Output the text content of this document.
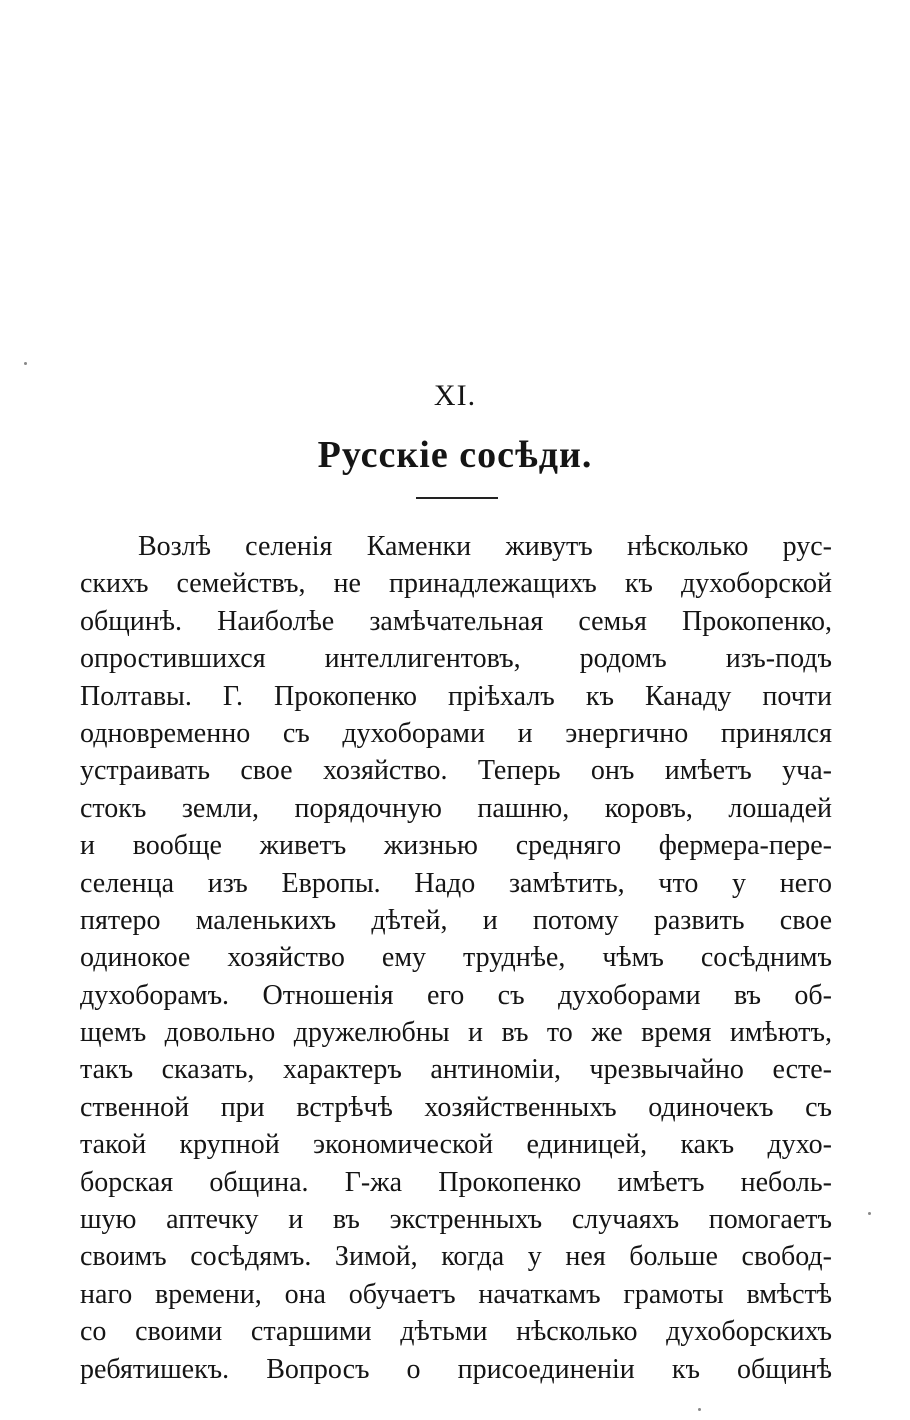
XI.
Русскіе сосѣди.
Возлѣ селенія Каменки живутъ нѣсколько рус-
скихъ семействъ, не принадлежащихъ къ духоборской
общинѣ. Наиболѣе замѣчательная семья Прокопенко,
опростившихся интеллигентовъ, родомъ изъ-подъ
Полтавы. Г. Прокопенко пріѣхалъ къ Канаду почти
одновременно съ духоборами и энергично принялся
устраивать свое хозяйство. Теперь онъ имѣетъ уча-
стокъ земли, порядочную пашню, коровъ, лошадей
и вообще живетъ жизнью средняго фермера-пере-
селенца изъ Европы. Надо замѣтить, что у него
пятеро маленькихъ дѣтей, и потому развить свое
одинокое хозяйство ему труднѣе, чѣмъ сосѣднимъ
духоборамъ. Отношенія его съ духоборами въ об-
щемъ довольно дружелюбны и въ то же время имѣютъ,
такъ сказать, характеръ антиноміи, чрезвычайно есте-
ственной при встрѣчѣ хозяйственныхъ одиночекъ съ
такой крупной экономической единицей, какъ духо-
борская община. Г-жа Прокопенко имѣетъ неболь-
шую аптечку и въ экстренныхъ случаяхъ помогаетъ
своимъ сосѣдямъ. Зимой, когда у нея больше свобод-
наго времени, она обучаетъ начаткамъ грамоты вмѣстѣ
со своими старшими дѣтьми нѣсколько духоборскихъ
ребятишекъ. Вопросъ о присоединеніи къ общинѣ
